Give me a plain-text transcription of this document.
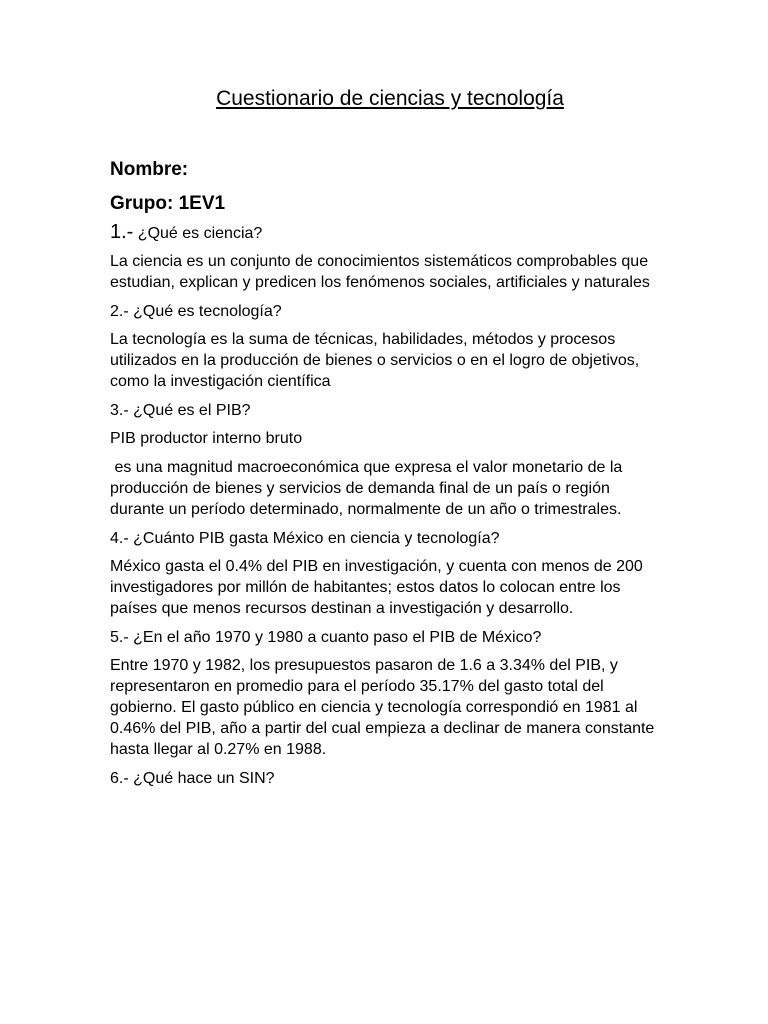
Cuestionario de ciencias y tecnología

Nombre:

Grupo: 1EV1

1.- ¿Qué es ciencia?

La ciencia es un conjunto de conocimientos sistemáticos comprobables que estudian, explican y predicen los fenómenos sociales, artificiales y naturales

2.- ¿Qué es tecnología?

La tecnología es la suma de técnicas, habilidades, métodos y procesos utilizados en la producción de bienes o servicios o en el logro de objetivos, como la investigación científica

3.- ¿Qué es el PIB?

PIB productor interno bruto

es una magnitud macroeconómica que expresa el valor monetario de la producción de bienes y servicios de demanda final de un país o región durante un período determinado, normalmente de un año o trimestrales.

4.- ¿Cuánto PIB gasta México en ciencia y tecnología?

México gasta el 0.4% del PIB en investigación, y cuenta con menos de 200 investigadores por millón de habitantes; estos datos lo colocan entre los países que menos recursos destinan a investigación y desarrollo.

5.- ¿En el año 1970 y 1980 a cuanto paso el PIB de México?

Entre 1970 y 1982, los presupuestos pasaron de 1.6 a 3.34% del PIB, y representaron en promedio para el período 35.17% del gasto total del gobierno. El gasto público en ciencia y tecnología correspondió en 1981 al 0.46% del PIB, año a partir del cual empieza a declinar de manera constante hasta llegar al 0.27% en 1988.

6.- ¿Qué hace un SIN?
